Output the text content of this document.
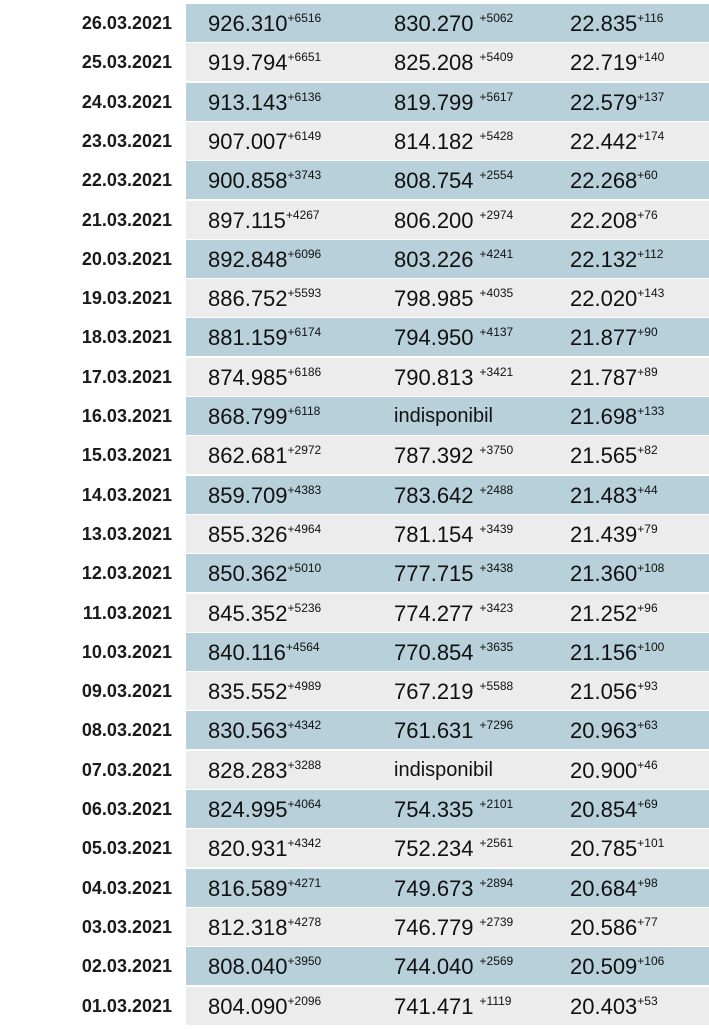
26.03.2021	$926.310^{+6516}$	830.270 $^{+5062}$	$22.835^{+116}$
25.03.2021	$919.794^{+6651}$	825.208 $^{+5409}$	$22.719^{+140}$
24.03.2021	$913.143^{+6136}$	819.799 $^{+5617}$	$22.579^{+137}$
23.03.2021	$907.007^{+6149}$	814.182 $^{+5428}$	$22.442^{+174}$
22.03.2021	$900.858^{+3743}$	808.754 $^{+2554}$	$22.268^{+60}$
21.03.2021	$897.115^{+4267}$	806.200 $^{+2974}$	$22.208^{+76}$
20.03.2021	$892.848^{+6096}$	803.226 $^{+4241}$	$22.132^{+112}$
19.03.2021	$886.752^{+5593}$	798.985 $^{+4035}$	$22.020^{+143}$
18.03.2021	$881.159^{+6174}$	794.950 $^{+4137}$	$21.877^{+90}$
17.03.2021	$874.985^{+6186}$	790.813 $^{+3421}$	$21.787^{+89}$
16.03.2021	$868.799^{+6118}$	indisponibil	$21.698^{+133}$
15.03.2021	$862.681^{+2972}$	787.392 $^{+3750}$	$21.565^{+82}$
14.03.2021	$859.709^{+4383}$	783.642 $^{+2488}$	$21.483^{+44}$
13.03.2021	$855.326^{+4964}$	781.154 $^{+3439}$	$21.439^{+79}$
12.03.2021	$850.362^{+5010}$	777.715 $^{+3438}$	$21.360^{+108}$
11.03.2021	$845.352^{+5236}$	774.277 $^{+3423}$	$21.252^{+96}$
10.03.2021	$840.116^{+4564}$	770.854 $^{+3635}$	$21.156^{+100}$
09.03.2021	$835.552^{+4989}$	767.219 $^{+5588}$	$21.056^{+93}$
08.03.2021	$830.563^{+4342}$	761.631 $^{+7296}$	$20.963^{+63}$
07.03.2021	$828.283^{+3288}$	indisponibil	$20.900^{+46}$
06.03.2021	$824.995^{+4064}$	754.335 $^{+2101}$	$20.854^{+69}$
05.03.2021	$820.931^{+4342}$	752.234 $^{+2561}$	$20.785^{+101}$
04.03.2021	$816.589^{+4271}$	749.673 $^{+2894}$	$20.684^{+98}$
03.03.2021	$812.318^{+4278}$	746.779 $^{+2739}$	$20.586^{+77}$
02.03.2021	$808.040^{+3950}$	744.040 $^{+2569}$	$20.509^{+106}$
01.03.2021	$804.090^{+2096}$	741.471 $^{+1119}$	$20.403^{+53}$
